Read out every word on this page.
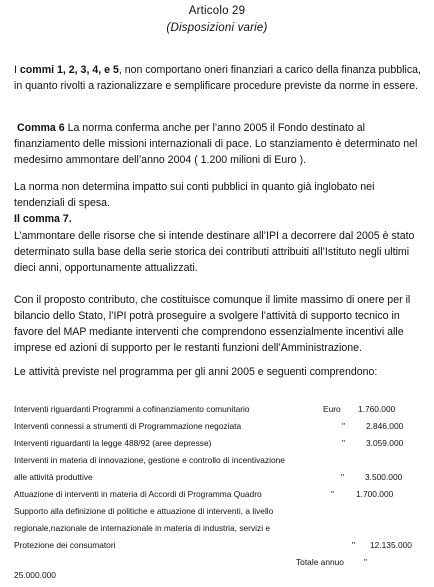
Articolo 29
(Disposizioni varie)
I commi 1, 2, 3, 4, e 5, non comportano oneri finanziari a carico della finanza pubblica, in quanto rivolti a razionalizzare e semplificare procedure previste da norme in essere.
Comma 6 La norma conferma anche per l’anno 2005 il Fondo destinato al finanziamento delle missioni internazionali di pace. Lo stanziamento è determinato nel medesimo ammontare dell’anno 2004 ( 1.200 milioni di Euro ).
La norma non determina impatto sui conti pubblici in quanto già inglobato nei tendenziali di spesa.
Il comma 7.
L’ammontare delle risorse che si intende destinare all’IPI a decorrere dal 2005 è stato determinato sulla base della serie storica dei contributi attribuiti all’Istituto negli ultimi dieci anni, opportunamente attualizzati.
Con il proposto contributo, che costituisce comunque il limite massimo di onere per il bilancio dello Stato, l’IPI potrà proseguire a svolgere l’attività di supporto tecnico in favore del MAP mediante interventi che comprendono essenzialmente incentivi alle imprese ed azioni di supporto per le restanti funzioni dell’Amministrazione.
Le attività previste nel programma per gli anni 2005 e seguenti comprendono:
Interventi riguardanti Programmi a cofinanziamento comunitario	Euro 1.760.000
Interventi connessi a strumenti di Programmazione negoziata	"	2.846.000
Interventi riguardanti la legge 488/92 (aree depresse)	"	3.059.000
Interventi in materia di innovazione, gestione e controllo di incentivazione
alle attività produttive	"	3.500.000
Attuazione di interventi in materia di Accordi di Programma Quadro	"	1.700.000
Supporto alla definizione di politiche e attuazione di interventi, a livello
regionale,nazionale de internazionale in materia di industria, servizi e
Protezione dei consumatori	" 12.135.000
Totale annuo "
25.000.000
